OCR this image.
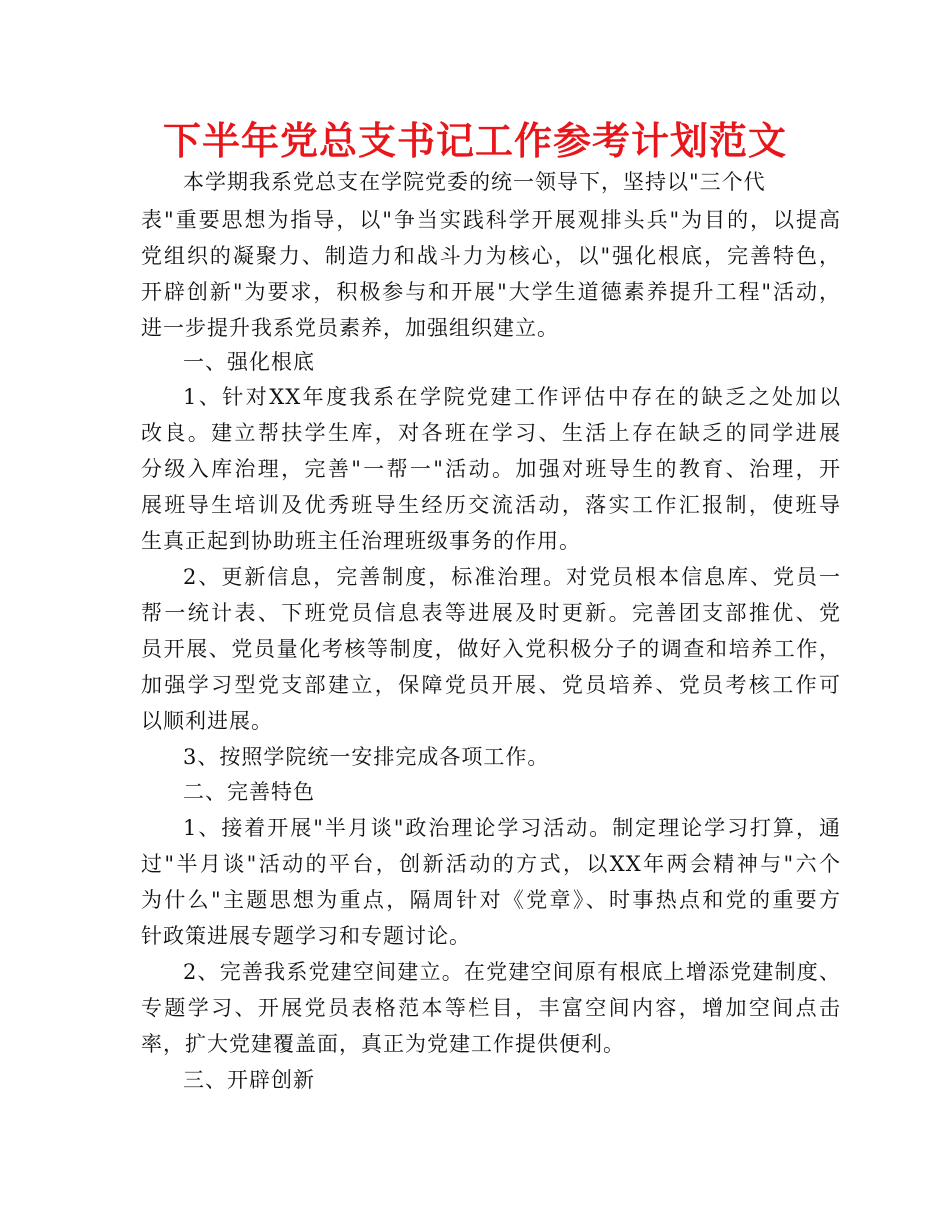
下半年党总支书记工作参考计划范文
本学期我系党总支在学院党委的统一领导下，坚持以"三个代
表"重要思想为指导，以"争当实践科学开展观排头兵"为目的，以提高
党组织的凝聚力、制造力和战斗力为核心，以"强化根底，完善特色，
开辟创新"为要求，积极参与和开展"大学生道德素养提升工程"活动，
进一步提升我系党员素养，加强组织建立。
一、强化根底
1、针对XX年度我系在学院党建工作评估中存在的缺乏之处加以
改良。建立帮扶学生库，对各班在学习、生活上存在缺乏的同学进展
分级入库治理，完善"一帮一"活动。加强对班导生的教育、治理，开
展班导生培训及优秀班导生经历交流活动，落实工作汇报制，使班导
生真正起到协助班主任治理班级事务的作用。
2、更新信息，完善制度，标准治理。对党员根本信息库、党员一
帮一统计表、下班党员信息表等进展及时更新。完善团支部推优、党
员开展、党员量化考核等制度，做好入党积极分子的调查和培养工作，
加强学习型党支部建立，保障党员开展、党员培养、党员考核工作可
以顺利进展。
3、按照学院统一安排完成各项工作。
二、完善特色
1、接着开展"半月谈"政治理论学习活动。制定理论学习打算，通
过"半月谈"活动的平台，创新活动的方式，以XX年两会精神与"六个
为什么"主题思想为重点，隔周针对《党章》、时事热点和党的重要方
针政策进展专题学习和专题讨论。
2、完善我系党建空间建立。在党建空间原有根底上增添党建制度、
专题学习、开展党员表格范本等栏目，丰富空间内容，增加空间点击
率，扩大党建覆盖面，真正为党建工作提供便利。
三、开辟创新
